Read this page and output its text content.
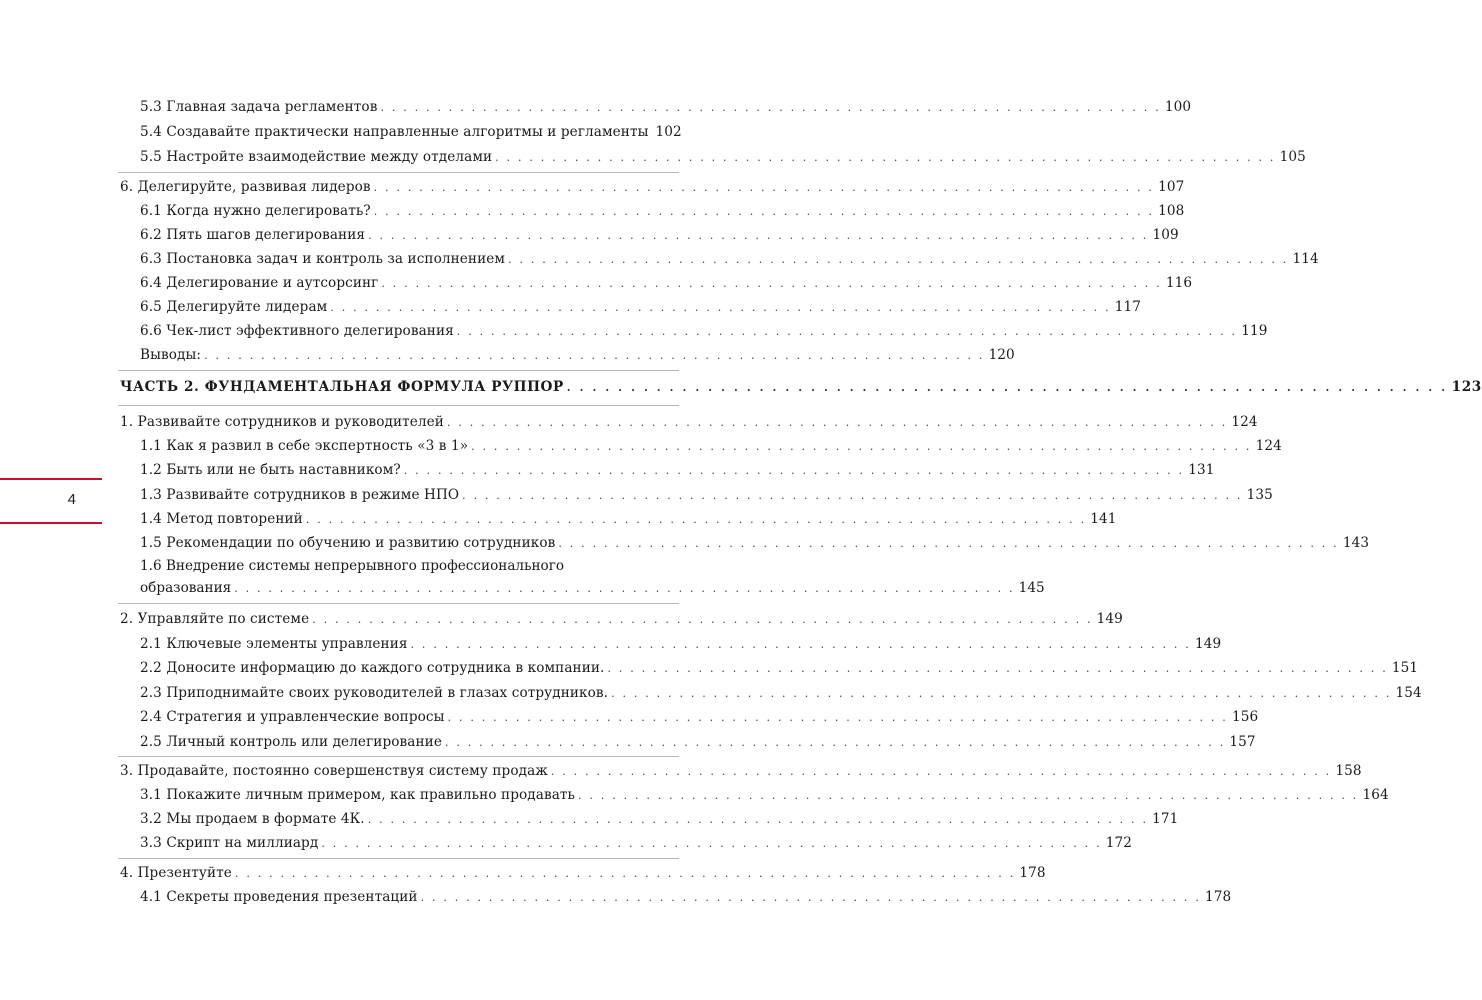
5.3 Главная задача регламентов . . . . . . . . . . . . . . . . . . . . . . . . . . . . . . . . . . . . . . . . . . . . . . . . . . . . . . . . . . . . . . . . . . . . . 100
5.4 Создавайте практически направленные алгоритмы и регламенты 102
5.5 Настройте взаимодействие между отделами . . . . . . . . . . . . . . . . . . . . . . . . . . . . . . . . . . . . . . . . . . . . . . . . . . . . . . . . . . . . . . . . . . . . . 105
6. Делегируйте, развивая лидеров . . . . . . . . . . . . . . . . . . . . . . . . . . . . . . . . . . . . . . . . . . . . . . . . . . . . . . . . . . . . . . . . . . . . . 107
6.1 Когда нужно делегировать? . . . . . . . . . . . . . . . . . . . . . . . . . . . . . . . . . . . . . . . . . . . . . . . . . . . . . . . . . . . . . . . . . . . . . 108
6.2 Пять шагов делегирования . . . . . . . . . . . . . . . . . . . . . . . . . . . . . . . . . . . . . . . . . . . . . . . . . . . . . . . . . . . . . . . . . . . . . 109
6.3 Постановка задач и контроль за исполнением . . . . . . . . . . . . . . . . . . . . . . . . . . . . . . . . . . . . . . . . . . . . . . . . . . . . . . . . . . . . . . . . . . . . . 114
6.4 Делегирование и аутсорсинг . . . . . . . . . . . . . . . . . . . . . . . . . . . . . . . . . . . . . . . . . . . . . . . . . . . . . . . . . . . . . . . . . . . . . 116
6.5 Делегируйте лидерам . . . . . . . . . . . . . . . . . . . . . . . . . . . . . . . . . . . . . . . . . . . . . . . . . . . . . . . . . . . . . . . . . . . . . 117
6.6 Чек-лист эффективного делегирования . . . . . . . . . . . . . . . . . . . . . . . . . . . . . . . . . . . . . . . . . . . . . . . . . . . . . . . . . . . . . . . . . . . . . 119
Выводы: . . . . . . . . . . . . . . . . . . . . . . . . . . . . . . . . . . . . . . . . . . . . . . . . . . . . . . . . . . . . . . . . . . . . . 120
ЧАСТЬ 2. ФУНДАМЕНТАЛЬНАЯ ФОРМУЛА РУППОР . . . . . . . . . . . . . . . . . . . . . . . . . . . . . . . . . . . . . . . . . . . . . . . . . . . . . . . . . . . . . . . . . . . . . 123
1. Развивайте сотрудников и руководителей . . . . . . . . . . . . . . . . . . . . . . . . . . . . . . . . . . . . . . . . . . . . . . . . . . . . . . . . . . . . . . . . . . . . . 124
1.1 Как я развил в себе экспертность «3 в 1» . . . . . . . . . . . . . . . . . . . . . . . . . . . . . . . . . . . . . . . . . . . . . . . . . . . . . . . . . . . . . . . . . . . . . 124
1.2 Быть или не быть наставником? . . . . . . . . . . . . . . . . . . . . . . . . . . . . . . . . . . . . . . . . . . . . . . . . . . . . . . . . . . . . . . . . . . . . . 131
1.3 Развивайте сотрудников в режиме НПО . . . . . . . . . . . . . . . . . . . . . . . . . . . . . . . . . . . . . . . . . . . . . . . . . . . . . . . . . . . . . . . . . . . . . 135
1.4 Метод повторений . . . . . . . . . . . . . . . . . . . . . . . . . . . . . . . . . . . . . . . . . . . . . . . . . . . . . . . . . . . . . . . . . . . . . 141
1.5 Рекомендации по обучению и развитию сотрудников . . . . . . . . . . . . . . . . . . . . . . . . . . . . . . . . . . . . . . . . . . . . . . . . . . . . . . . . . . . . . . . . . . . . . 143
1.6 Внедрение системы непрерывного профессионального
образования . . . . . . . . . . . . . . . . . . . . . . . . . . . . . . . . . . . . . . . . . . . . . . . . . . . . . . . . . . . . . . . . . . . . . 145
2. Управляйте по системе . . . . . . . . . . . . . . . . . . . . . . . . . . . . . . . . . . . . . . . . . . . . . . . . . . . . . . . . . . . . . . . . . . . . . 149
2.1 Ключевые элементы управления . . . . . . . . . . . . . . . . . . . . . . . . . . . . . . . . . . . . . . . . . . . . . . . . . . . . . . . . . . . . . . . . . . . . . 149
2.2 Доносите информацию до каждого сотрудника в компании. . . . . . . . . . . . . . . . . . . . . . . . . . . . . . . . . . . . . . . . . . . . . . . . . . . . . . . . . . . . . . . . . . . . . . 151
2.3 Приподнимайте своих руководителей в глазах сотрудников. . . . . . . . . . . . . . . . . . . . . . . . . . . . . . . . . . . . . . . . . . . . . . . . . . . . . . . . . . . . . . . . . . . . . . 154
2.4 Стратегия и управленческие вопросы . . . . . . . . . . . . . . . . . . . . . . . . . . . . . . . . . . . . . . . . . . . . . . . . . . . . . . . . . . . . . . . . . . . . . 156
2.5 Личный контроль или делегирование . . . . . . . . . . . . . . . . . . . . . . . . . . . . . . . . . . . . . . . . . . . . . . . . . . . . . . . . . . . . . . . . . . . . . 157
3. Продавайте, постоянно совершенствуя систему продаж . . . . . . . . . . . . . . . . . . . . . . . . . . . . . . . . . . . . . . . . . . . . . . . . . . . . . . . . . . . . . . . . . . . . . 158
3.1 Покажите личным примером, как правильно продавать . . . . . . . . . . . . . . . . . . . . . . . . . . . . . . . . . . . . . . . . . . . . . . . . . . . . . . . . . . . . . . . . . . . . . 164
3.2 Мы продаем в формате 4К. . . . . . . . . . . . . . . . . . . . . . . . . . . . . . . . . . . . . . . . . . . . . . . . . . . . . . . . . . . . . . . . . . . . . . 171
3.3 Скрипт на миллиард . . . . . . . . . . . . . . . . . . . . . . . . . . . . . . . . . . . . . . . . . . . . . . . . . . . . . . . . . . . . . . . . . . . . . 172
4. Презентуйте . . . . . . . . . . . . . . . . . . . . . . . . . . . . . . . . . . . . . . . . . . . . . . . . . . . . . . . . . . . . . . . . . . . . . 178
4.1 Секреты проведения презентаций . . . . . . . . . . . . . . . . . . . . . . . . . . . . . . . . . . . . . . . . . . . . . . . . . . . . . . . . . . . . . . . . . . . . . 178
4
